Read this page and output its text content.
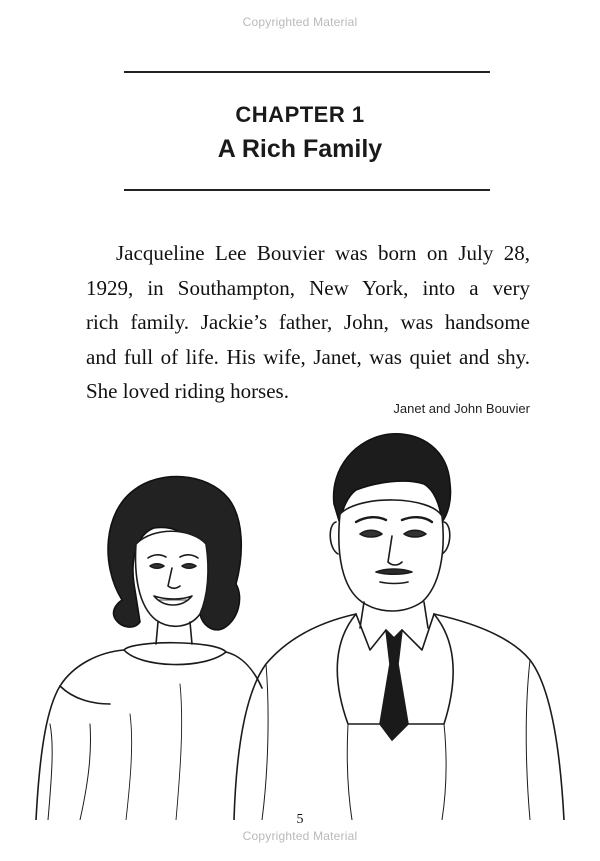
Copyrighted Material
CHAPTER 1
A Rich Family

Jacqueline Lee Bouvier was born on July 28,
1929, in Southampton, New York, into a very
rich family. Jackie’s father, John, was handsome
and full of life. His wife, Janet, was quiet and shy.
She loved riding horses.

Janet and John Bouvier
5
Copyrighted Material
